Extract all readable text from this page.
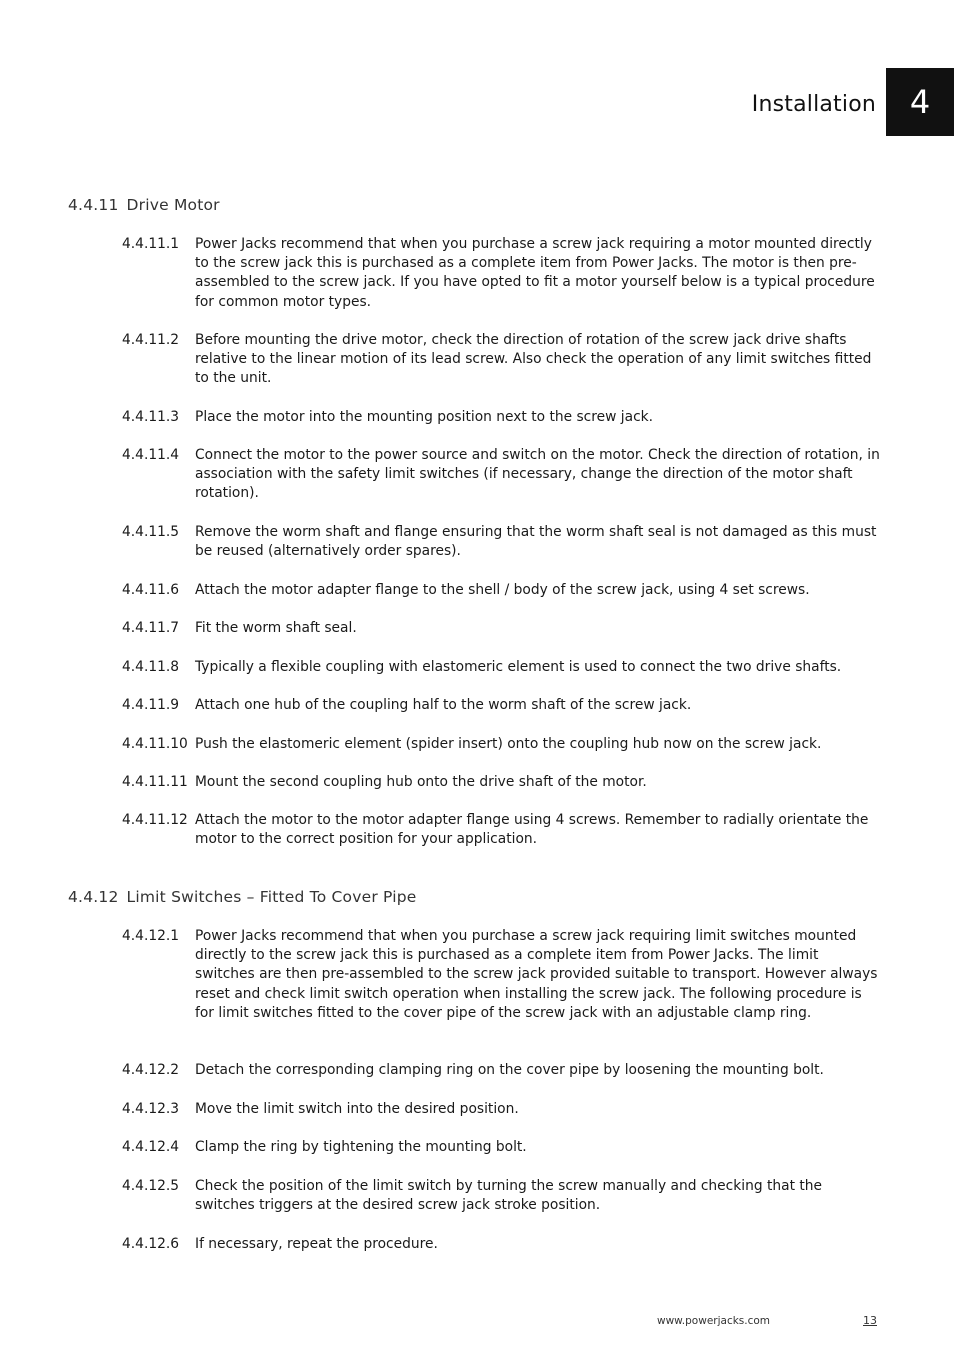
Installation	4
4.4.11 Drive Motor
4.4.11.1	Power Jacks recommend that when you purchase a screw jack requiring a motor mounted directly to the screw jack this is purchased as a complete item from Power Jacks. The motor is then pre-assembled to the screw jack. If you have opted to fit a motor yourself below is a typical procedure for common motor types.
4.4.11.2	Before mounting the drive motor, check the direction of rotation of the screw jack drive shafts relative to the linear motion of its lead screw. Also check the operation of any limit switches fitted to the unit.
4.4.11.3	Place the motor into the mounting position next to the screw jack.
4.4.11.4	Connect the motor to the power source and switch on the motor. Check the direction of rotation, in association with the safety limit switches (if necessary, change the direction of the motor shaft rotation).
4.4.11.5	Remove the worm shaft and flange ensuring that the worm shaft seal is not damaged as this must be reused (alternatively order spares).
4.4.11.6	Attach the motor adapter flange to the shell / body of the screw jack, using 4 set screws.
4.4.11.7	Fit the worm shaft seal.
4.4.11.8	Typically a flexible coupling with elastomeric element is used to connect the two drive shafts.
4.4.11.9	Attach one hub of the coupling half to the worm shaft of the screw jack.
4.4.11.10 Push the elastomeric element (spider insert) onto the coupling hub now on the screw jack.
4.4.11.11 Mount the second coupling hub onto the drive shaft of the motor.
4.4.11.12 Attach the motor to the motor adapter flange using 4 screws. Remember to radially orientate the motor to the correct position for your application.
4.4.12 Limit Switches – Fitted To Cover Pipe
4.4.12.1	Power Jacks recommend that when you purchase a screw jack requiring limit switches mounted directly to the screw jack this is purchased as a complete item from Power Jacks. The limit switches are then pre-assembled to the screw jack provided suitable to transport. However always reset and check limit switch operation when installing the screw jack. The following procedure is for limit switches fitted to the cover pipe of the screw jack with an adjustable clamp ring.
4.4.12.2	Detach the corresponding clamping ring on the cover pipe by loosening the mounting bolt.
4.4.12.3	Move the limit switch into the desired position.
4.4.12.4	Clamp the ring by tightening the mounting bolt.
4.4.12.5	Check the position of the limit switch by turning the screw manually and checking that the switches triggers at the desired screw jack stroke position.
4.4.12.6	If necessary, repeat the procedure.
www.powerjacks.com	13
